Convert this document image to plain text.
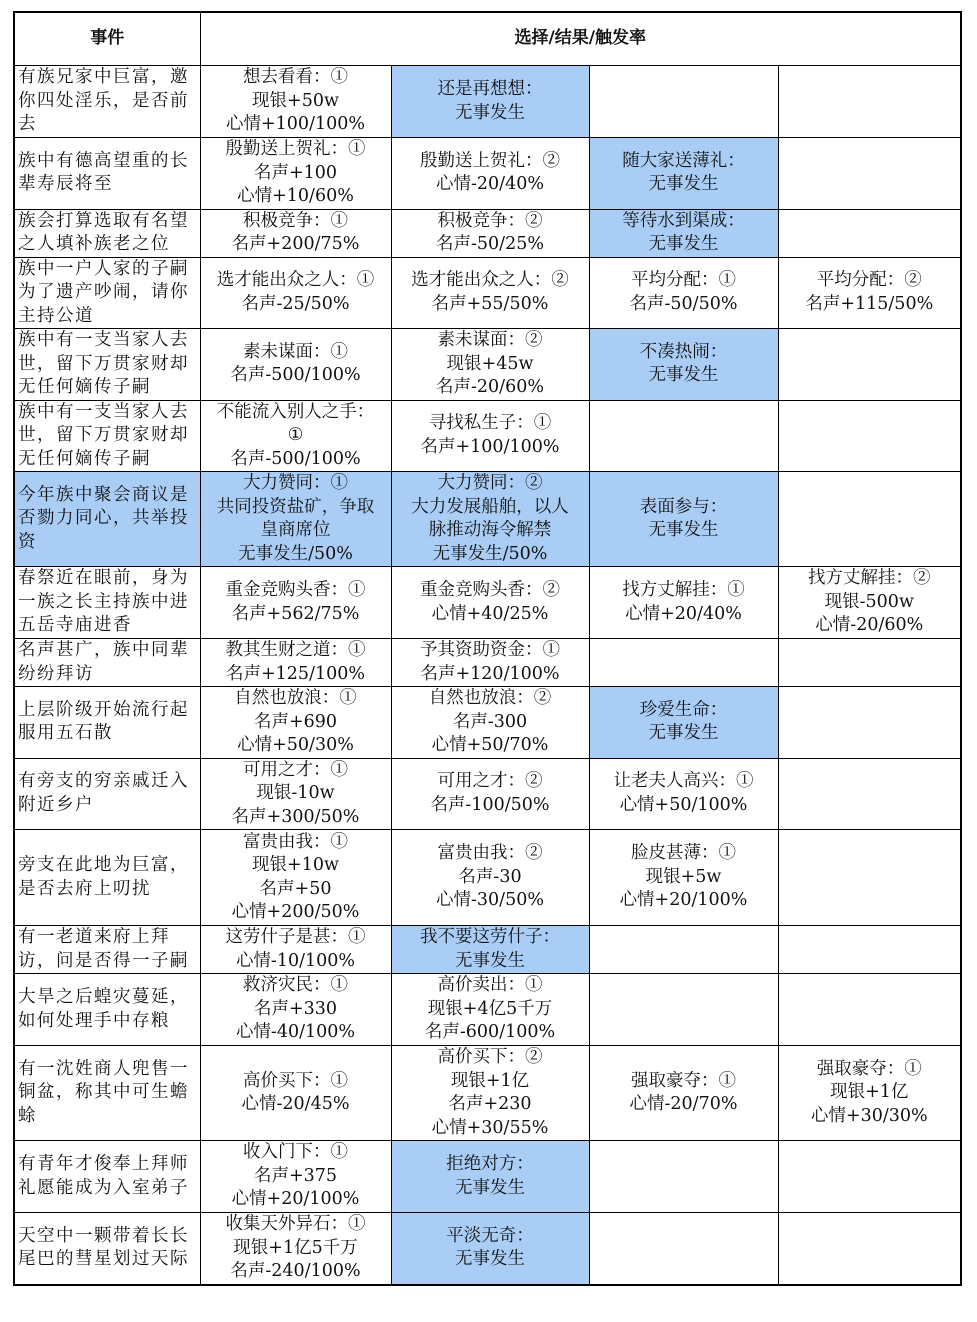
事件	选择/结果/触发率			

有族兄家中巨富，邀你四处淫乐，是否前去	想去看看：①
现银+50w
心情+100/100%	还是再想想：
无事发生		

族中有德高望重的长辈寿辰将至	殷勤送上贺礼：①
名声+100
心情+10/60%	殷勤送上贺礼：②
心情-20/40%	随大家送薄礼：
无事发生	

族会打算选取有名望之人填补族老之位	积极竞争：①
名声+200/75%	积极竞争：②
名声-50/25%	等待水到渠成：
无事发生	

族中一户人家的子嗣为了遗产吵闹，请你主持公道	选才能出众之人：①
名声-25/50%	选才能出众之人：②
名声+55/50%	平均分配：①
名声-50/50%	平均分配：②
名声+115/50%

族中有一支当家人去世，留下万贯家财却无任何嫡传子嗣	素未谋面：①
名声-500/100%	素未谋面：②
现银+45w
名声-20/60%	不凑热闹：
无事发生	

族中有一支当家人去世，留下万贯家财却无任何嫡传子嗣	不能流入别人之手：
①
名声-500/100%	寻找私生子：①
名声+100/100%		

今年族中聚会商议是否勠力同心，共举投资	大力赞同：①
共同投资盐矿，争取
皇商席位
无事发生/50%	大力赞同：②
大力发展船舶，以人
脉推动海令解禁
无事发生/50%	表面参与：
无事发生	

春祭近在眼前，身为一族之长主持族中进五岳寺庙进香	重金竞购头香：①
名声+562/75%	重金竞购头香：②
心情+40/25%	找方丈解挂：①
心情+20/40%	找方丈解挂：②
现银-500w
心情-20/60%

名声甚广，族中同辈纷纷拜访	教其生财之道：①
名声+125/100%	予其资助资金：①
名声+120/100%		

上层阶级开始流行起服用五石散	自然也放浪：①
名声+690
心情+50/30%	自然也放浪：②
名声-300
心情+50/70%	珍爱生命：
无事发生	

有旁支的穷亲戚迁入附近乡户	可用之才：①
现银-10w
名声+300/50%	可用之才：②
名声-100/50%	让老夫人高兴：①
心情+50/100%	

旁支在此地为巨富，是否去府上叨扰	富贵由我：①
现银+10w
名声+50
心情+200/50%	富贵由我：②
名声-30
心情-30/50%	脸皮甚薄：①
现银+5w
心情+20/100%	

有一老道来府上拜访，问是否得一子嗣	这劳什子是甚：①
心情-10/100%	我不要这劳什子：
无事发生		

大旱之后蝗灾蔓延，如何处理手中存粮	救济灾民：①
名声+330
心情-40/100%	高价卖出：①
现银+4亿5千万
名声-600/100%		

有一沈姓商人兜售一铜盆，称其中可生蟾蜍	高价买下：①
心情-20/45%	高价买下：②
现银+1亿
名声+230
心情+30/55%	强取豪夺：①
心情-20/70%	强取豪夺：①
现银+1亿
心情+30/30%

有青年才俊奉上拜师礼愿能成为入室弟子	收入门下：①
名声+375
心情+20/100%	拒绝对方：
无事发生		

天空中一颗带着长长尾巴的彗星划过天际	收集天外异石：①
现银+1亿5千万
名声-240/100%	平淡无奇：
无事发生		
